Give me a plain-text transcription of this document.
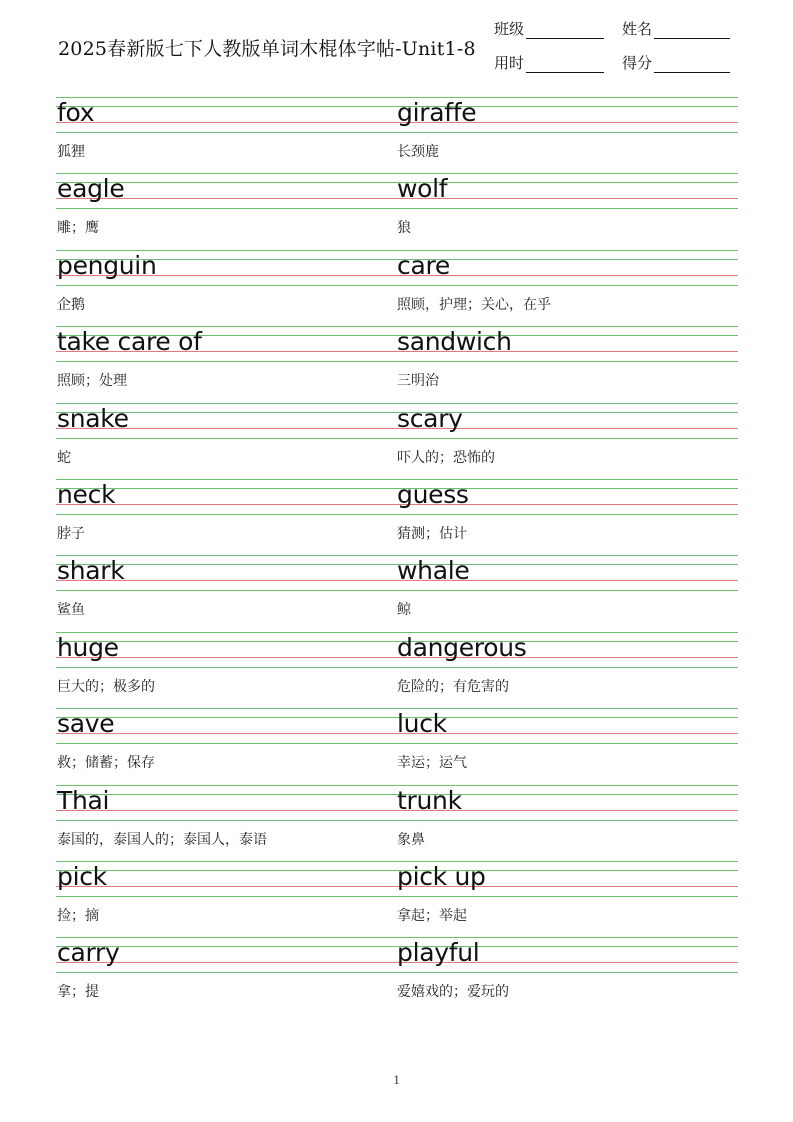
2025春新版七下人教版单词木棍体字帖-Unit1-8
班级	姓名
用时	得分
fox
狐狸
giraffe
长颈鹿
eagle
雕；鹰
wolf
狼
penguin
企鹅
care
照顾，护理；关心，在乎
take care of
照顾；处理
sandwich
三明治
snake
蛇
scary
吓人的；恐怖的
neck
脖子
guess
猜测；估计
shark
鲨鱼
whale
鲸
huge
巨大的；极多的
dangerous
危险的；有危害的
save
救；储蓄；保存
luck
幸运；运气
Thai
泰国的，泰国人的；泰国人，泰语
trunk
象鼻
pick
捡；摘
pick up
拿起；举起
carry
拿；提
playful
爱嬉戏的；爱玩的
1
